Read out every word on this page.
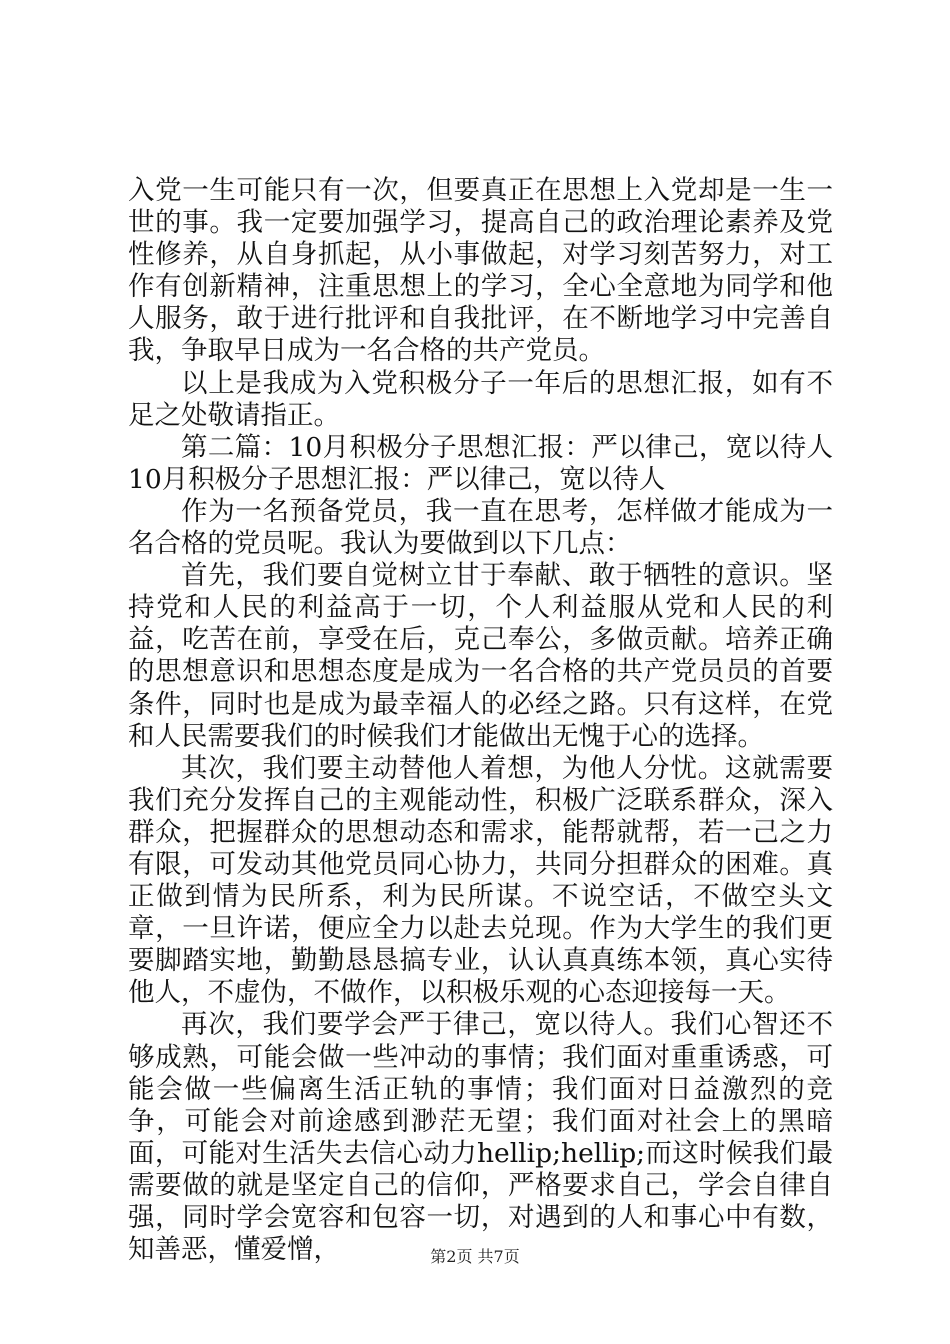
入党一生可能只有一次，但要真正在思想上入党却是一生一世的事。我一定要加强学习，提高自己的政治理论素养及党性修养，从自身抓起，从小事做起，对学习刻苦努力，对工作有创新精神，注重思想上的学习，全心全意地为同学和他人服务，敢于进行批评和自我批评，在不断地学习中完善自我，争取早日成为一名合格的共产党员。

以上是我成为入党积极分子一年后的思想汇报，如有不足之处敬请指正。

第二篇：10月积极分子思想汇报：严以律己，宽以待人 10月积极分子思想汇报：严以律己，宽以待人

作为一名预备党员，我一直在思考，怎样做才能成为一名合格的党员呢。我认为要做到以下几点：

首先，我们要自觉树立甘于奉献、敢于牺牲的意识。坚持党和人民的利益高于一切，个人利益服从党和人民的利益，吃苦在前，享受在后，克己奉公，多做贡献。培养正确的思想意识和思想态度是成为一名合格的共产党员员的首要条件，同时也是成为最幸福人的必经之路。只有这样，在党和人民需要我们的时候我们才能做出无愧于心的选择。

其次，我们要主动替他人着想，为他人分忧。这就需要我们充分发挥自己的主观能动性，积极广泛联系群众，深入群众，把握群众的思想动态和需求，能帮就帮，若一己之力有限，可发动其他党员同心协力，共同分担群众的困难。真正做到情为民所系，利为民所谋。不说空话，不做空头文章，一旦许诺，便应全力以赴去兑现。作为大学生的我们更要脚踏实地，勤勤恳恳搞专业，认认真真练本领，真心实待他人，不虚伪，不做作，以积极乐观的心态迎接每一天。

再次，我们要学会严于律己，宽以待人。我们心智还不够成熟，可能会做一些冲动的事情；我们面对重重诱惑，可能会做一些偏离生活正轨的事情；我们面对日益激烈的竞争，可能会对前途感到渺茫无望；我们面对社会上的黑暗面，可能对生活失去信心动力hellip;hellip;而这时候我们最需要做的就是坚定自己的信仰，严格要求自己，学会自律自强，同时学会宽容和包容一切，对遇到的人和事心中有数，知善恶，懂爱憎，	第2页 共7页
